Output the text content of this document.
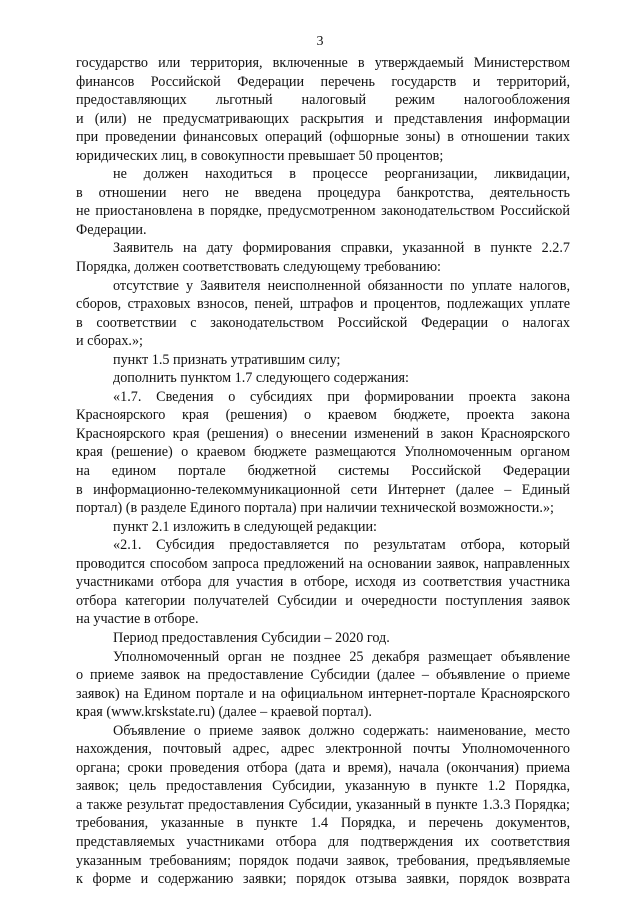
3
государство или территория, включенные в утверждаемый Министерством
финансов Российской Федерации перечень государств и территорий,
предоставляющих льготный налоговый режим налогообложения
и (или) не предусматривающих раскрытия и представления информации
при проведении финансовых операций (офшорные зоны) в отношении таких
юридических лиц, в совокупности превышает 50 процентов;
не должен находиться в процессе реорганизации, ликвидации,
в отношении него не введена процедура банкротства, деятельность
не приостановлена в порядке, предусмотренном законодательством Российской
Федерации.
Заявитель на дату формирования справки, указанной в пункте 2.2.7
Порядка, должен соответствовать следующему требованию:
отсутствие у Заявителя неисполненной обязанности по уплате налогов,
сборов, страховых взносов, пеней, штрафов и процентов, подлежащих уплате
в соответствии с законодательством Российской Федерации о налогах
и сборах.»;
пункт 1.5 признать утратившим силу;
дополнить пунктом 1.7 следующего содержания:
«1.7. Сведения о субсидиях при формировании проекта закона
Красноярского края (решения) о краевом бюджете, проекта закона
Красноярского края (решения) о внесении изменений в закон Красноярского
края (решение) о краевом бюджете размещаются Уполномоченным органом
на едином портале бюджетной системы Российской Федерации
в информационно-телекоммуникационной сети Интернет (далее – Единый
портал) (в разделе Единого портала) при наличии технической возможности.»;
пункт 2.1 изложить в следующей редакции:
«2.1. Субсидия предоставляется по результатам отбора, который
проводится способом запроса предложений на основании заявок, направленных
участниками отбора для участия в отборе, исходя из соответствия участника
отбора категории получателей Субсидии и очередности поступления заявок
на участие в отборе.
Период предоставления Субсидии – 2020 год.
Уполномоченный орган не позднее 25 декабря размещает объявление
о приеме заявок на предоставление Субсидии (далее – объявление о приеме
заявок) на Едином портале и на официальном интернет-портале Красноярского
края (www.krskstate.ru) (далее – краевой портал).
Объявление о приеме заявок должно содержать: наименование, место
нахождения, почтовый адрес, адрес электронной почты Уполномоченного
органа; сроки проведения отбора (дата и время), начала (окончания) приема
заявок; цель предоставления Субсидии, указанную в пункте 1.2 Порядка,
а также результат предоставления Субсидии, указанный в пункте 1.3.3 Порядка;
требования, указанные в пункте 1.4 Порядка, и перечень документов,
представляемых участниками отбора для подтверждения их соответствия
указанным требованиям; порядок подачи заявок, требования, предъявляемые
к форме и содержанию заявки; порядок отзыва заявки, порядок возврата
